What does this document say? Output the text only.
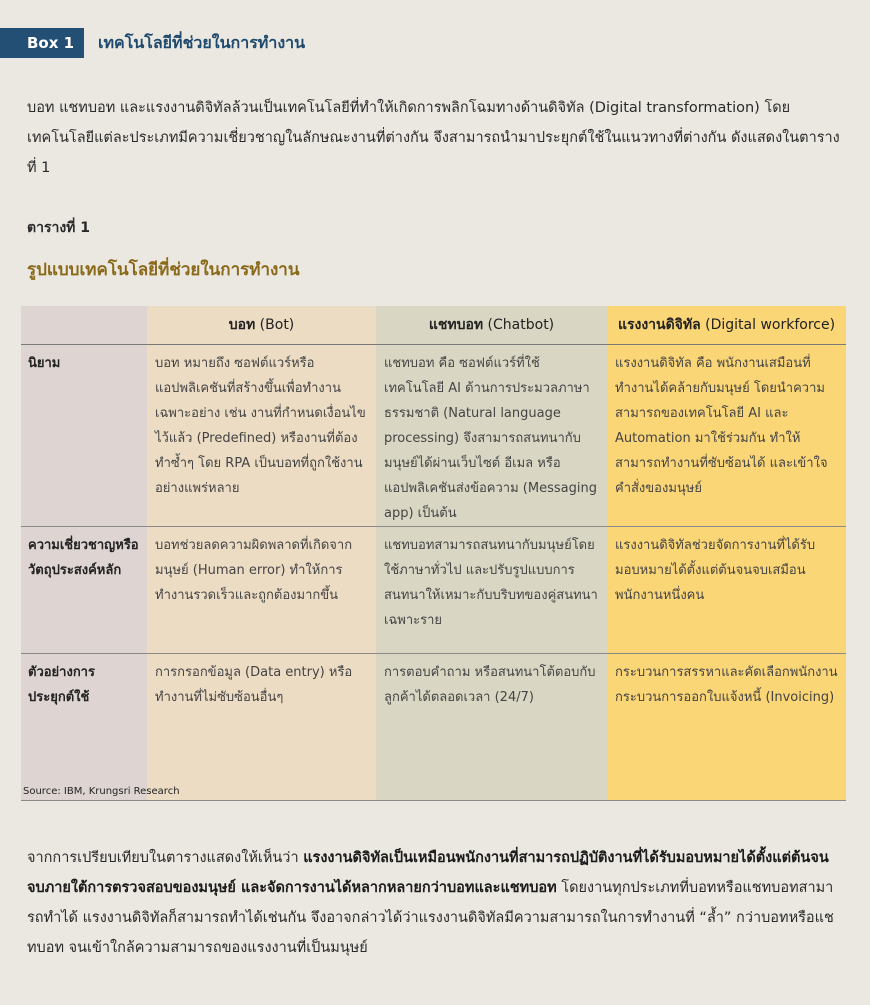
Box 1	เทคโนโลยีที่ช่วยในการทำงาน
บอท แชทบอท และแรงงานดิจิทัลล้วนเป็นเทคโนโลยีที่ทำให้เกิดการพลิกโฉมทางด้านดิจิทัล (Digital transformation) โดยเทคโนโลยีแต่ละประเภทมีความเชี่ยวชาญในลักษณะงานที่ต่างกัน จึงสามารถนำมาประยุกต์ใช้ในแนวทางที่ต่างกัน ดังแสดงในตารางที่ 1
ตารางที่ 1
รูปแบบเทคโนโลยีที่ช่วยในการทำงาน
	บอท (Bot)	แชทบอท (Chatbot)	แรงงานดิจิทัล (Digital workforce)
นิยาม	บอท หมายถึง ซอฟต์แวร์หรือแอปพลิเคชันที่สร้างขึ้นเพื่อทำงานเฉพาะอย่าง เช่น งานที่กำหนดเงื่อนไขไว้แล้ว (Predefined) หรืองานที่ต้องทำซ้ำๆ โดย RPA เป็นบอทที่ถูกใช้งานอย่างแพร่หลาย	แชทบอท คือ ซอฟต์แวร์ที่ใช้เทคโนโลยี AI ด้านการประมวลภาษาธรรมชาติ (Natural language processing) จึงสามารถสนทนากับมนุษย์ได้ผ่านเว็บไซต์ อีเมล หรือแอปพลิเคชันส่งข้อความ (Messaging app) เป็นต้น	แรงงานดิจิทัล คือ พนักงานเสมือนที่ทำงานได้คล้ายกับมนุษย์ โดยนำความสามารถของเทคโนโลยี AI และ Automation มาใช้ร่วมกัน ทำให้สามารถทำงานที่ซับซ้อนได้ และเข้าใจคำสั่งของมนุษย์
ความเชี่ยวชาญหรือวัตถุประสงค์หลัก	บอทช่วยลดความผิดพลาดที่เกิดจากมนุษย์ (Human error) ทำให้การทำงานรวดเร็วและถูกต้องมากขึ้น	แชทบอทสามารถสนทนากับมนุษย์โดยใช้ภาษาทั่วไป และปรับรูปแบบการสนทนาให้เหมาะกับบริบทของคู่สนทนาเฉพาะราย	แรงงานดิจิทัลช่วยจัดการงานที่ได้รับมอบหมายได้ตั้งแต่ต้นจนจบเสมือนพนักงานหนึ่งคน
ตัวอย่างการประยุกต์ใช้	การกรอกข้อมูล (Data entry) หรือทำงานที่ไม่ซับซ้อนอื่นๆ	การตอบคำถาม หรือสนทนาโต้ตอบกับลูกค้าได้ตลอดเวลา (24/7)	กระบวนการสรรหาและคัดเลือกพนักงาน กระบวนการออกใบแจ้งหนี้ (Invoicing)
Source: IBM, Krungsri Research
จากการเปรียบเทียบในตารางแสดงให้เห็นว่า แรงงานดิจิทัลเป็นเหมือนพนักงานที่สามารถปฏิบัติงานที่ได้รับมอบหมายได้ตั้งแต่ต้นจนจบภายใต้การตรวจสอบของมนุษย์ และจัดการงานได้หลากหลายกว่าบอทและแชทบอท โดยงานทุกประเภทที่บอทหรือแชทบอทสามารถทำได้ แรงงานดิจิทัลก็สามารถทำได้เช่นกัน จึงอาจกล่าวได้ว่าแรงงานดิจิทัลมีความสามารถในการทำงานที่ “ล้ำ” กว่าบอทหรือแชทบอท จนเข้าใกล้ความสามารถของแรงงานที่เป็นมนุษย์
